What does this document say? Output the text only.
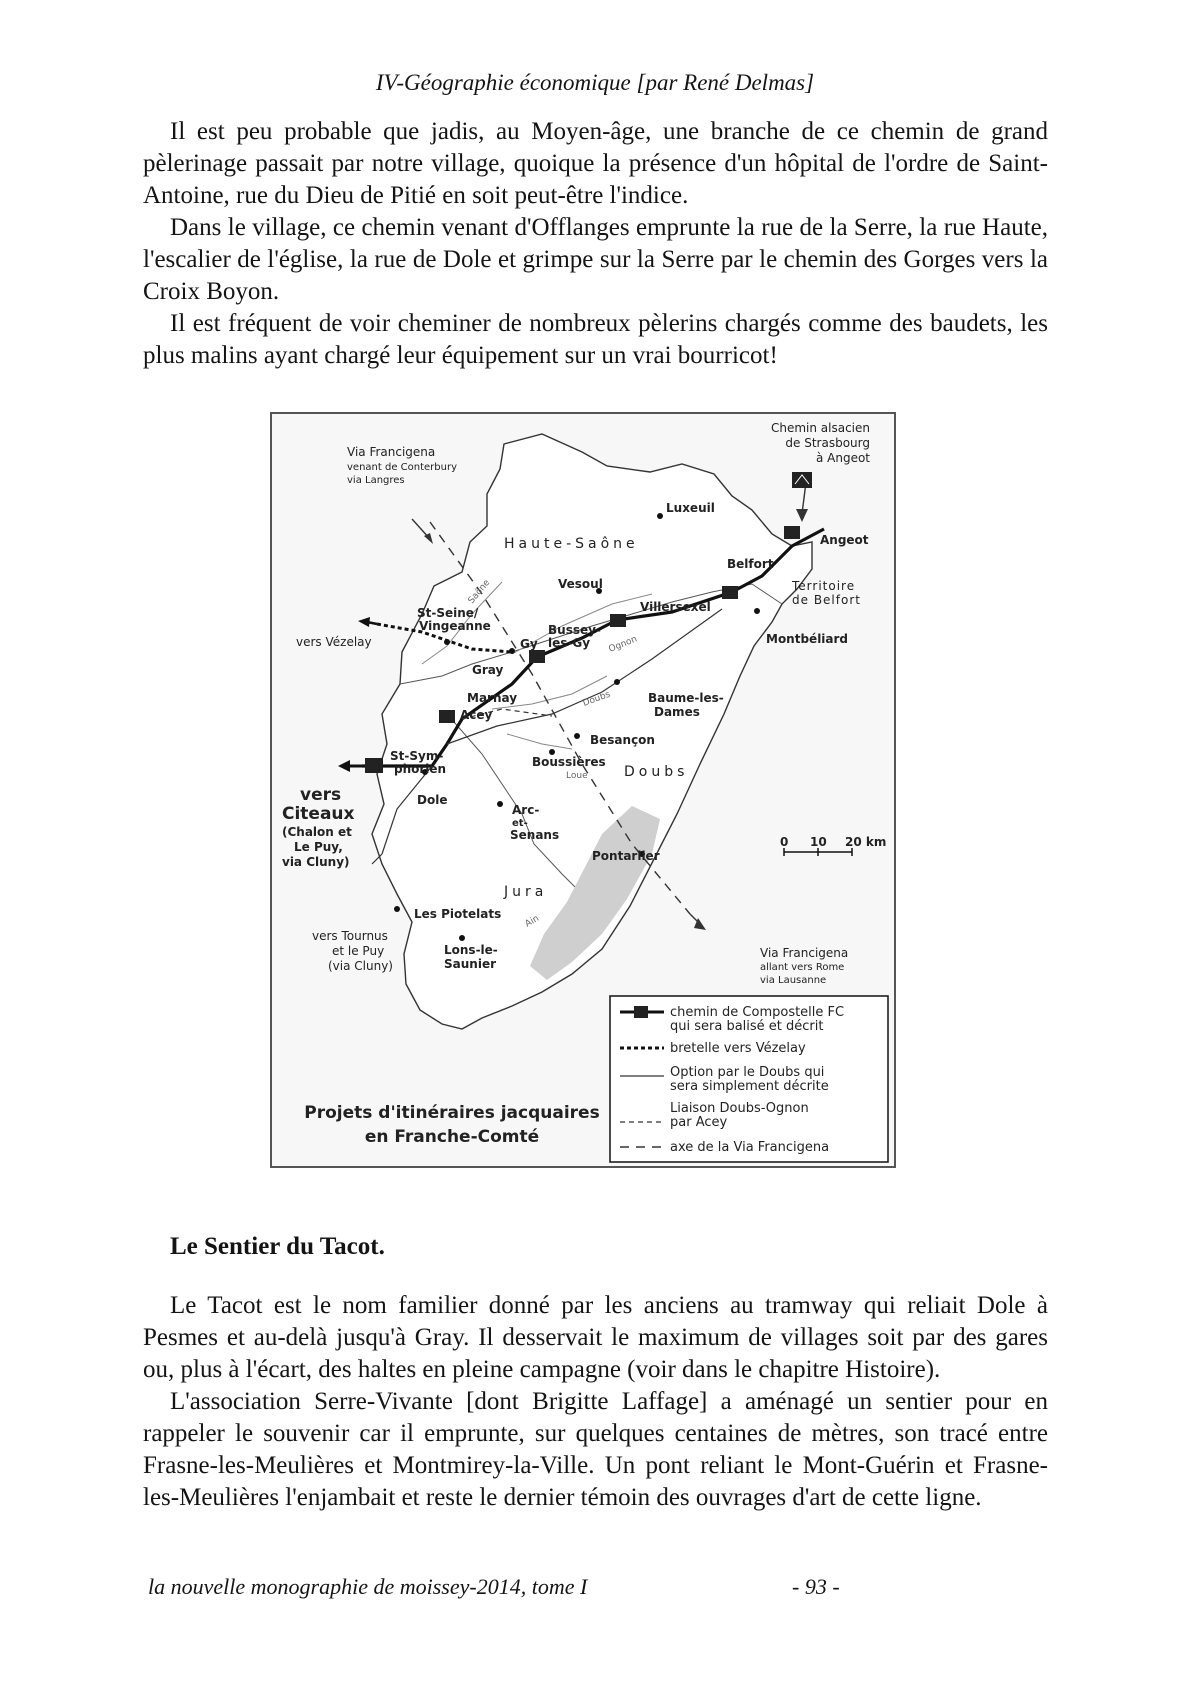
IV-Géographie économique [par René Delmas]

Il est peu probable que jadis, au Moyen-âge, une branche de ce chemin de grand pèlerinage passait par notre village, quoique la présence d'un hôpital de l'ordre de Saint-Antoine, rue du Dieu de Pitié en soit peut-être l'indice.

Dans le village, ce chemin venant d'Offlanges emprunte la rue de la Serre, la rue Haute, l'escalier de l'église, la rue de Dole et grimpe sur la Serre par le chemin des Gorges vers la Croix Boyon.

Il est fréquent de voir cheminer de nombreux pèlerins chargés comme des baudets, les plus malins ayant chargé leur équipement sur un vrai bourricot!

Via Francigena
venant de Conterbury
via Langres
Chemin alsacien
de Strasbourg
à Angeot
vers Vézelay
vers
Citeaux
(Chalon et
Le Puy,
via Cluny)
vers Tournus
et le Puy
(via Cluny)
Via Francigena
allant vers Rome
via Lausanne
Haute-Saône
Doubs
Jura
Territoire
de Belfort
Saône
Ognon
Doubs
Loue
Ain
Luxeuil
Vesoul
Belfort
Angeot
Villersexel
Montbéliard
St-Seine/
Vingeanne
Gray
Gy
Bussey-
les-Gy
Marnay
Acey
Baume-les-
Dames
Besançon
Boussières
St-Sym-
phorien
Dole
Arc-
et-
Senans
Pontarlier
Les Piotelats
Lons-le-
Saunier
0 10 20 km
chemin de Compostelle FC
qui sera balisé et décrit
bretelle vers Vézelay
Option par le Doubs qui
sera simplement décrite
Liaison Doubs-Ognon
par Acey
axe de la Via Francigena
Projets d'itinéraires jacquaires
en Franche-Comté
Le Sentier du Tacot.

Le Tacot est le nom familier donné par les anciens au tramway qui reliait Dole à Pesmes et au-delà jusqu'à Gray. Il desservait le maximum de villages soit par des gares ou, plus à l'écart, des haltes en pleine campagne (voir dans le chapitre Histoire).

L'association Serre-Vivante [dont Brigitte Laffage] a aménagé un sentier pour en rappeler le souvenir car il emprunte, sur quelques centaines de mètres, son tracé entre Frasne-les-Meulières et Montmirey-la-Ville. Un pont reliant le Mont-Guérin et Frasne-les-Meulières l'enjambait et reste le dernier témoin des ouvrages d'art de cette ligne.

la nouvelle monographie de moissey-2014, tome I	- 93 -
